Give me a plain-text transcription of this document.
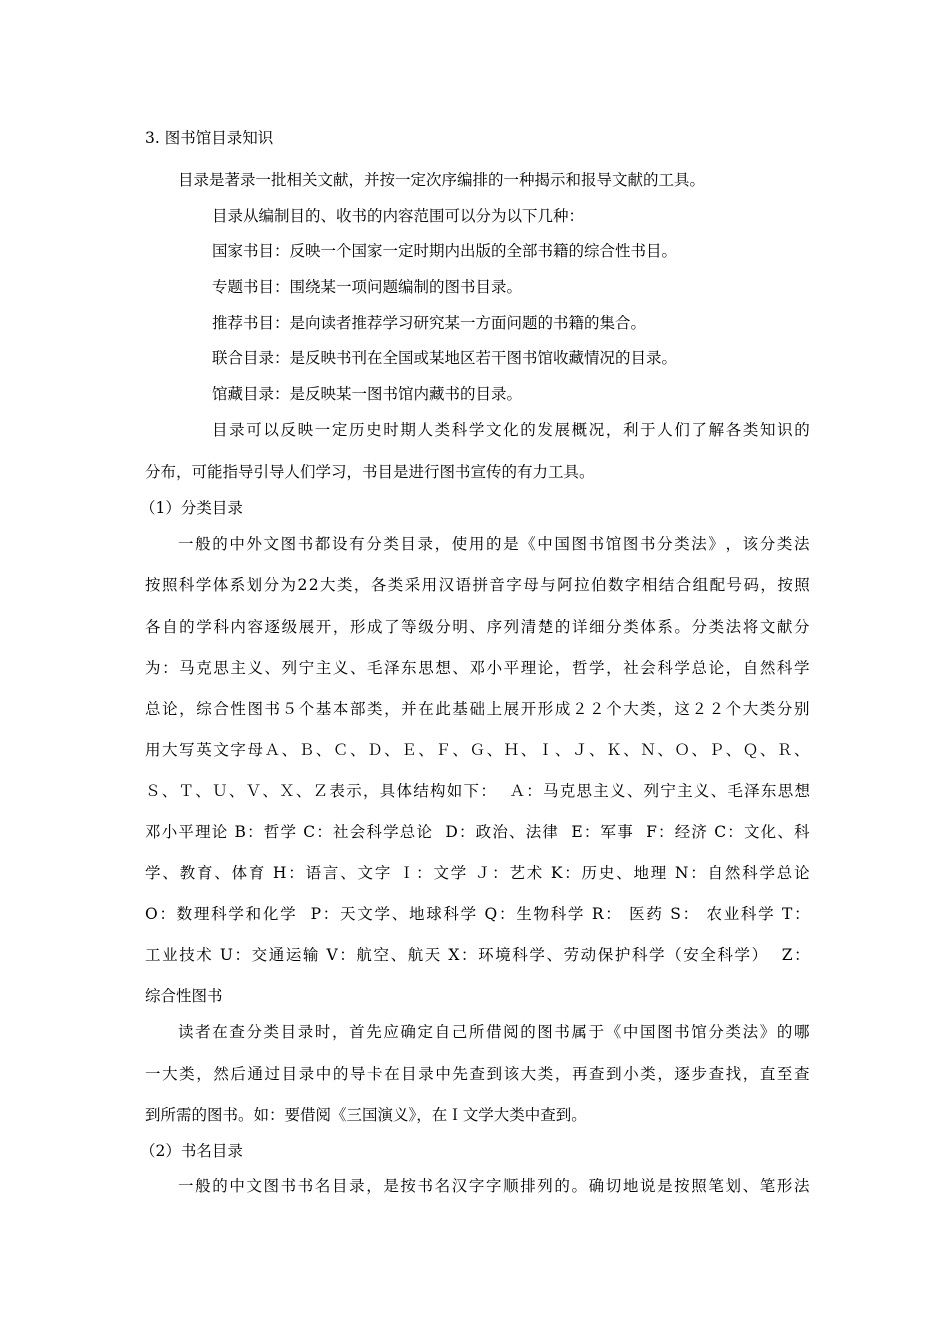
3. 图书馆目录知识
目录是著录一批相关文献，并按一定次序编排的一种揭示和报导文献的工具。
目录从编制目的、收书的内容范围可以分为以下几种：
国家书目：反映一个国家一定时期内出版的全部书籍的综合性书目。
专题书目：围绕某一项问题编制的图书目录。
推荐书目：是向读者推荐学习研究某一方面问题的书籍的集合。
联合目录：是反映书刊在全国或某地区若干图书馆收藏情况的目录。
馆藏目录：是反映某一图书馆内藏书的目录。
目 录 可 以 反 映 一 定 历 史 时 期 人 类 科 学 文 化 的 发 展 概 况 ， 利 于 人 们 了 解 各 类 知 识 的
分布，可能指导引导人们学习，书目是进行图书宣传的有力工具。
（1）分类目录
一 般 的 中 外 文 图 书 都 设 有 分 类 目 录 ， 使 用 的 是 《 中 国 图 书 馆 图 书 分 类 法 》 ， 该 分 类 法
按 照 科 学 体 系 划 分 为 2 2 大 类 ， 各 类 采 用 汉 语 拼 音 字 母 与 阿 拉 伯 数 字 相 结 合 组 配 号 码 ， 按 照
各 自 的 学 科 内 容 逐 级 展 开 ， 形 成 了 等 级 分 明 、 序 列 清 楚 的 详 细 分 类 体 系 。 分 类 法 将 文 献 分
为 ： 马 克 思 主 义 、 列 宁 主 义 、 毛 泽 东 思 想 、 邓 小 平 理 论 ， 哲 学 ， 社 会 科 学 总 论 ， 自 然 科 学
总 论 ， 综 合 性 图 书 ５ 个 基 本 部 类 ， 并 在 此 基 础 上 展 开 形 成 ２ ２ 个 大 类 ， 这 ２ ２ 个 大 类 分 别
用 大 写 英 文 字 母 Ａ 、 Ｂ 、 Ｃ 、 Ｄ 、 Ｅ 、 Ｆ 、 Ｇ 、 Ｈ 、 Ｉ 、 Ｊ 、 Ｋ 、 Ｎ 、 Ｏ 、 Ｐ 、 Ｑ 、 Ｒ 、
Ｓ 、 Ｔ 、 Ｕ 、 Ｖ 、 Ｘ 、 Ｚ 表 示 ， 具 体 结 构 如 下 ：

Ａ ： 马 克 思 主 义 、 列 宁 主 义 、 毛 泽 东 思 想
邓 小 平 理 论
B ： 哲 学
C ： 社 会 科 学 总 论

D ： 政 治 、 法 律

E ： 军 事

F ： 经 济
C ： 文 化 、 科
学 、 教 育 、 体 育
H ： 语 言 、 文 字
Ｉ ： 文 学
Ｊ ： 艺 术
K ： 历 史 、 地 理
N ： 自 然 科 学 总 论
O ： 数 理 科 学 和 化 学

P ： 天 文 学 、 地 球 科 学
Q ： 生 物 科 学
R ：
医 药
S ：
农 业 科 学
T ：
工 业 技 术
U ： 交 通 运 输
V ： 航 空 、 航 天
X ： 环 境 科 学 、 劳 动 保 护 科 学 （ 安 全 科 学 ）

Z ：
综合性图书
读 者 在 查 分 类 目 录 时 ， 首 先 应 确 定 自 己 所 借 阅 的 图 书 属 于 《 中 国 图 书 馆 分 类 法 》 的 哪
一 大 类 ， 然 后 通 过 目 录 中 的 导 卡 在 目 录 中 先 查 到 该 大 类 ， 再 查 到 小 类 ， 逐 步 查 找 ， 直 至 查
到所需的图书。如：要借阅《三国演义》，在Ｉ文学大类中查到。
（2）书名目录
一 般 的 中 文 图 书 书 名 目 录 ， 是 按 书 名 汉 字 字 顺 排 列 的 。 确 切 地 说 是 按 照 笔 划 、 笔 形 法
